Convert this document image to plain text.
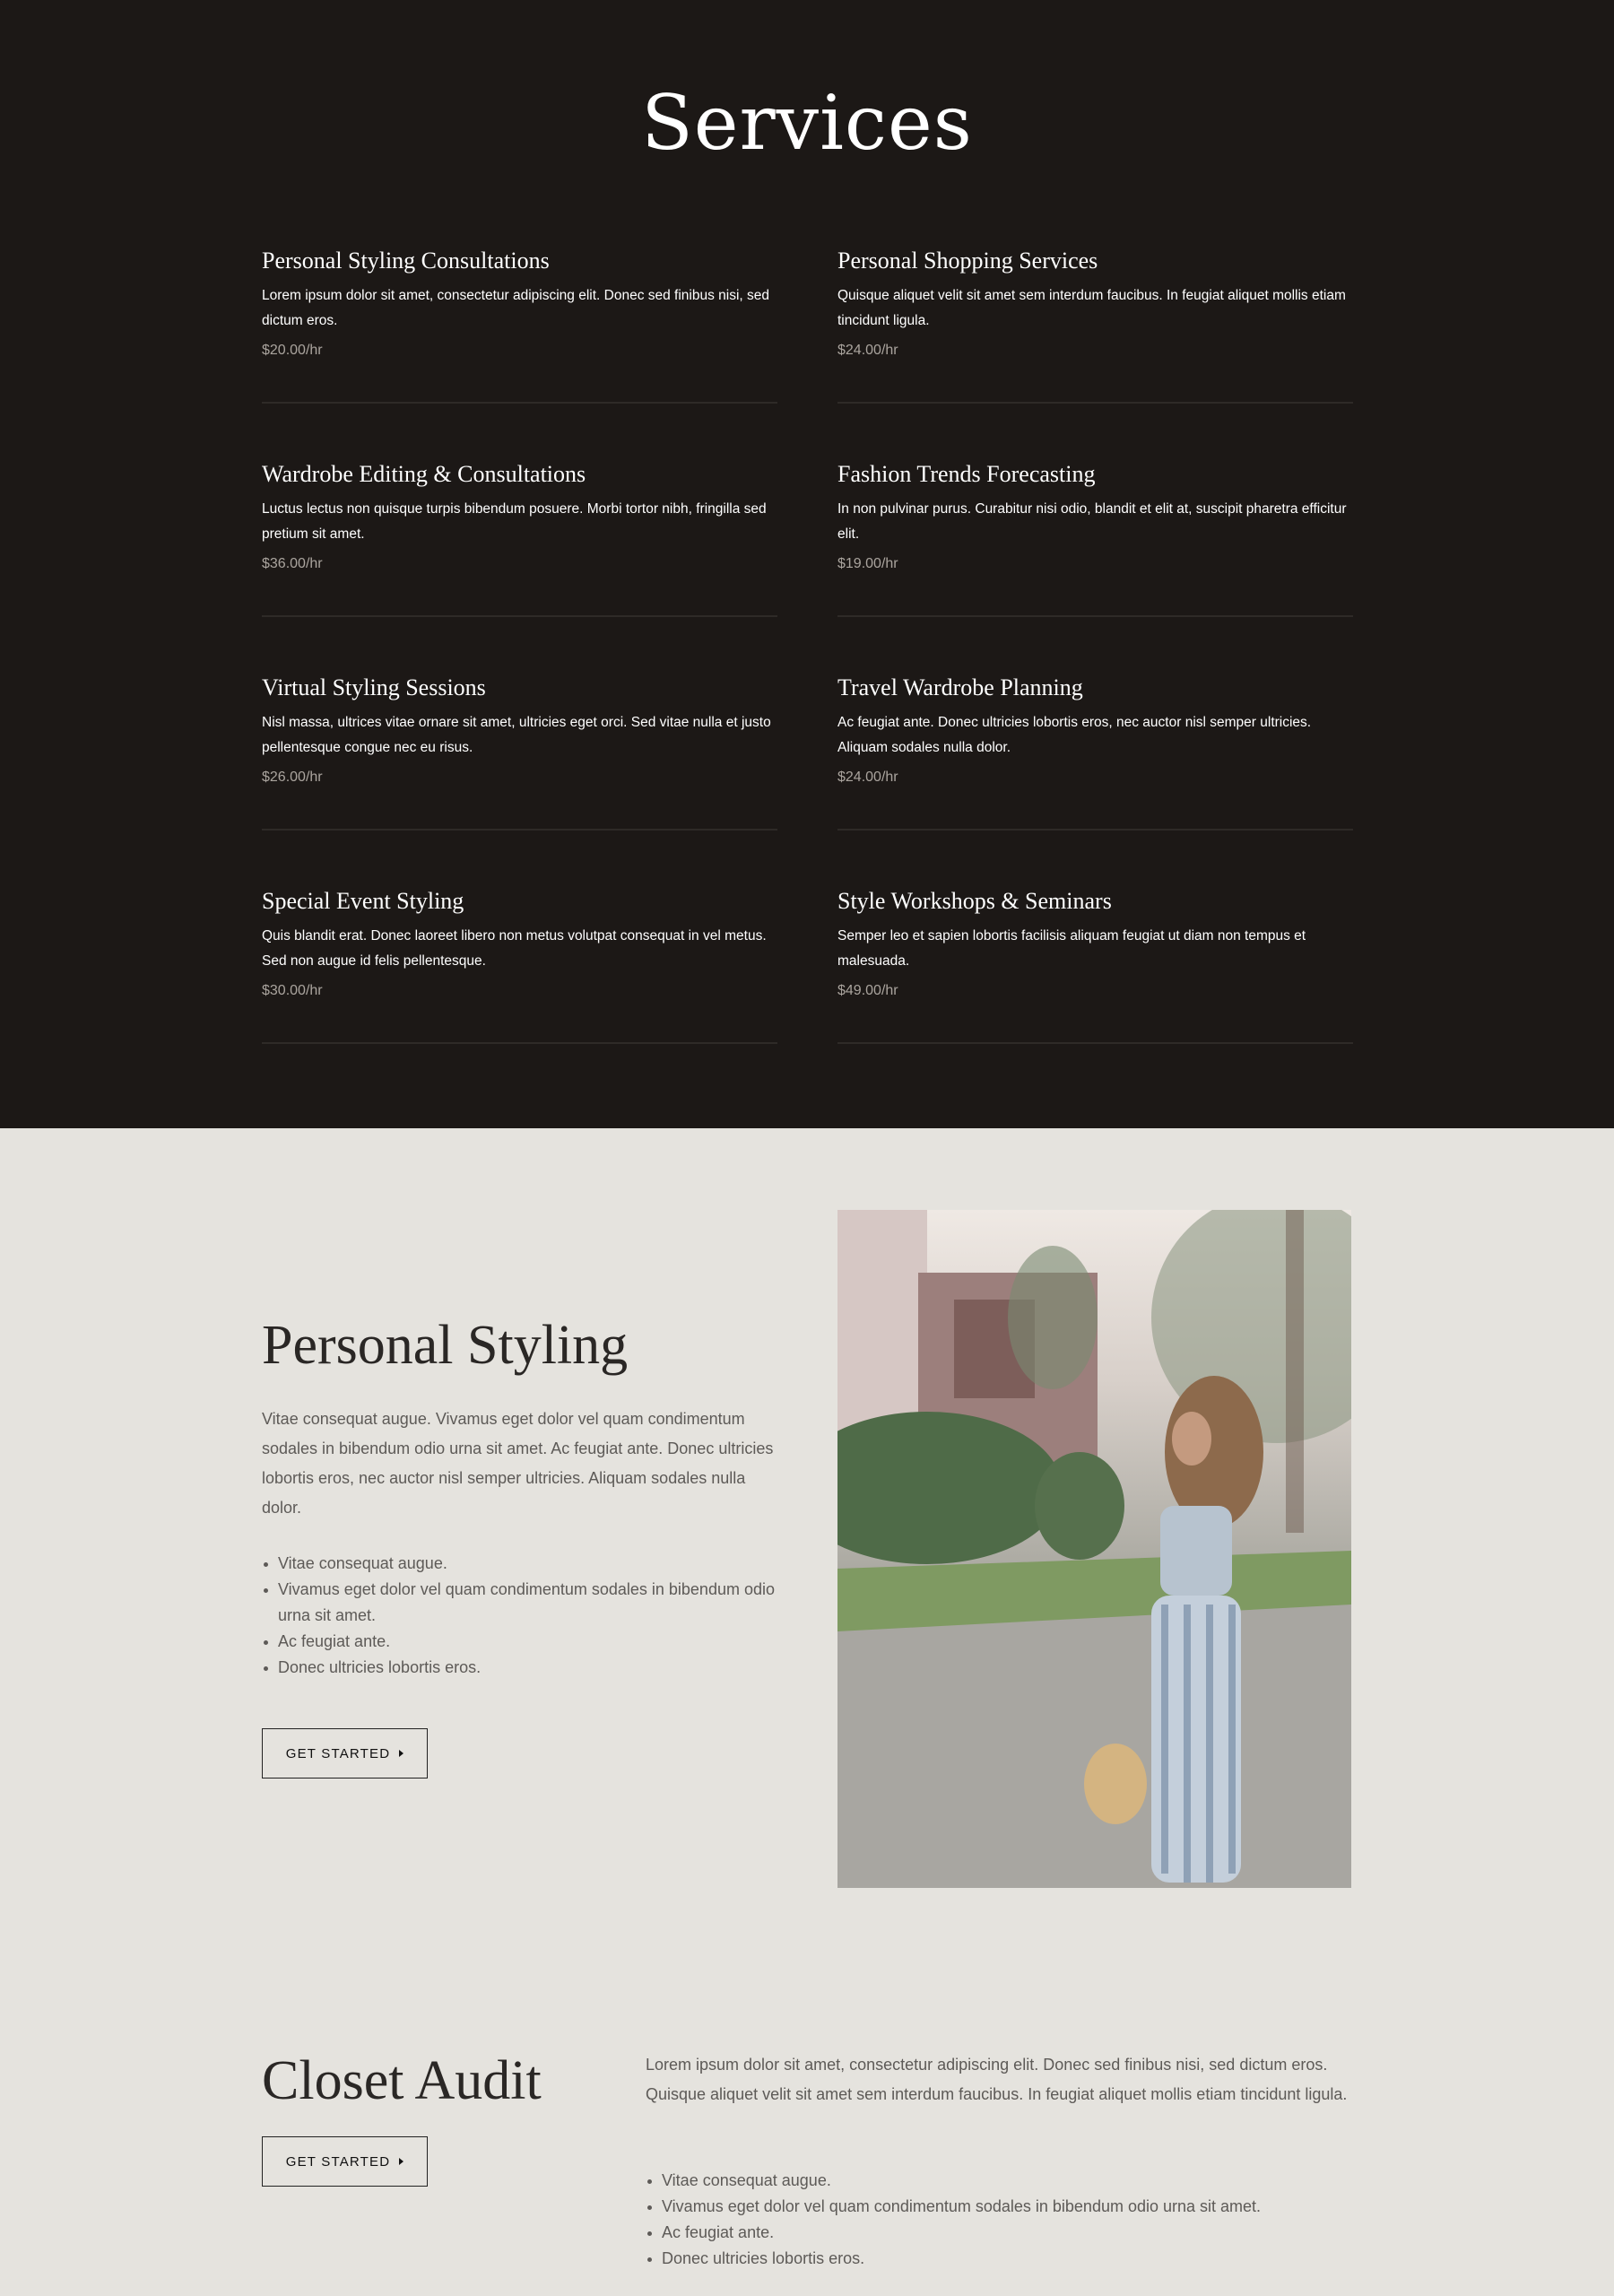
Services
Personal Styling Consultations

Lorem ipsum dolor sit amet, consectetur adipiscing elit. Donec sed finibus nisi, sed dictum eros.

$20.00/hr
Personal Shopping Services

Quisque aliquet velit sit amet sem interdum faucibus. In feugiat aliquet mollis etiam tincidunt ligula.

$24.00/hr
Wardrobe Editing & Consultations

Luctus lectus non quisque turpis bibendum posuere. Morbi tortor nibh, fringilla sed pretium sit amet.

$36.00/hr
Fashion Trends Forecasting

In non pulvinar purus. Curabitur nisi odio, blandit et elit at, suscipit pharetra efficitur elit.

$19.00/hr
Virtual Styling Sessions

Nisl massa, ultrices vitae ornare sit amet, ultricies eget orci. Sed vitae nulla et justo pellentesque congue nec eu risus.

$26.00/hr
Travel Wardrobe Planning

Ac feugiat ante. Donec ultricies lobortis eros, nec auctor nisl semper ultricies. Aliquam sodales nulla dolor.

$24.00/hr
Special Event Styling

Quis blandit erat. Donec laoreet libero non metus volutpat consequat in vel metus. Sed non augue id felis pellentesque.

$30.00/hr
Style Workshops & Seminars

Semper leo et sapien lobortis facilisis aliquam feugiat ut diam non tempus et malesuada.

$49.00/hr
Personal Styling

Vitae consequat augue. Vivamus eget dolor vel quam condimentum sodales in bibendum odio urna sit amet. Ac feugiat ante. Donec ultricies lobortis eros, nec auctor nisl semper ultricies. Aliquam sodales nulla dolor.

Vitae consequat augue.
Vivamus eget dolor vel quam condimentum sodales in bibendum odio urna sit amet.
Ac feugiat ante.
Donec ultricies lobortis eros.
GET STARTED
Closet Audit
GET STARTED

Lorem ipsum dolor sit amet, consectetur adipiscing elit. Donec sed finibus nisi, sed dictum eros. Quisque aliquet velit sit amet sem interdum faucibus. In feugiat aliquet mollis etiam tincidunt ligula.

Vitae consequat augue.
Vivamus eget dolor vel quam condimentum sodales in bibendum odio urna sit amet.
Ac feugiat ante.
Donec ultricies lobortis eros.
